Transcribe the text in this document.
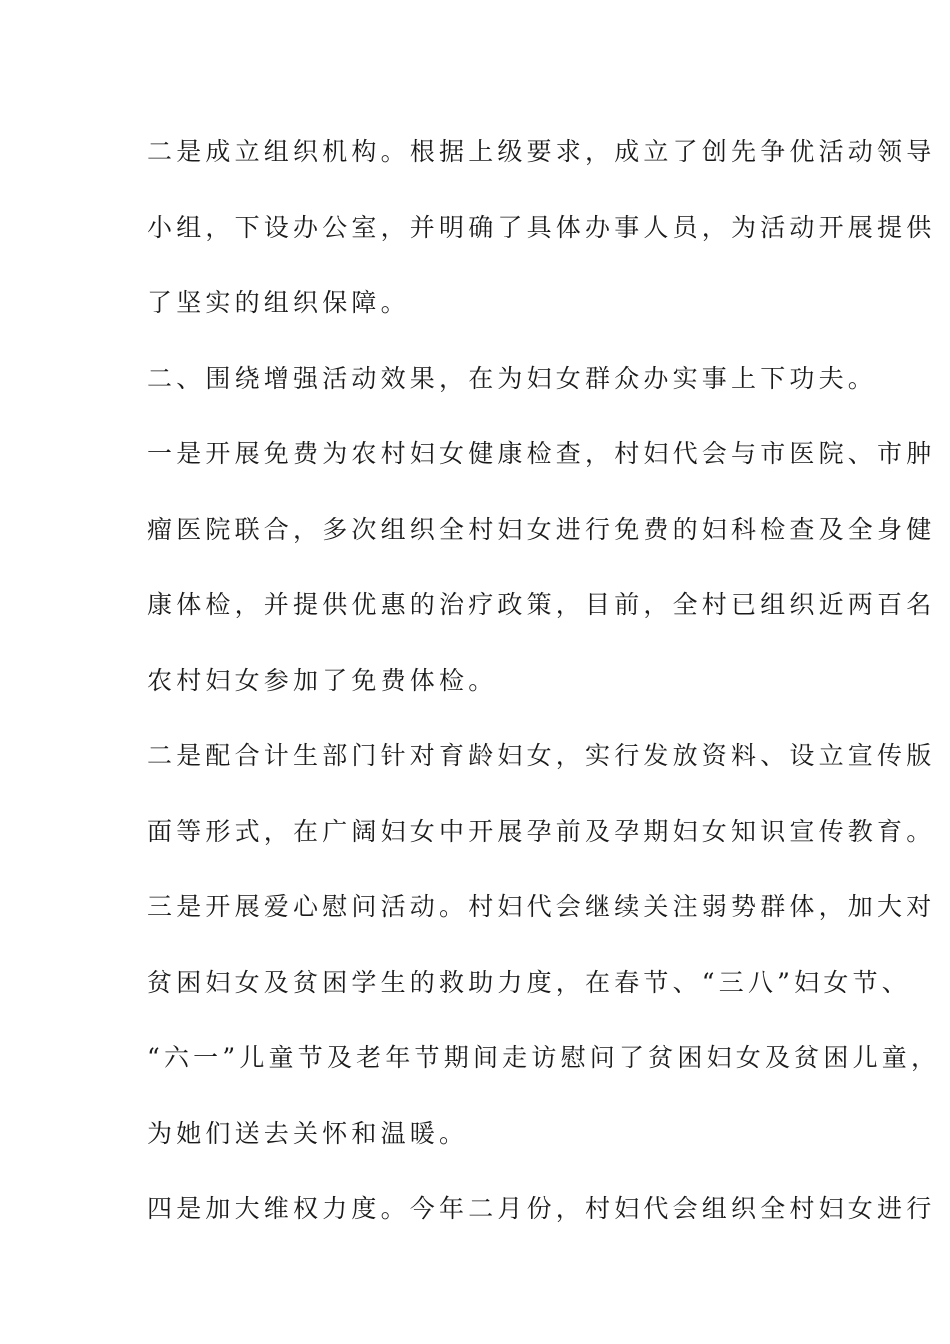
二是成立组织机构。根据上级要求，成立了创先争优活动领导
小组，下设办公室，并明确了具体办事人员，为活动开展提供
了坚实的组织保障。
二、围绕增强活动效果，在为妇女群众办实事上下功夫。
一是开展免费为农村妇女健康检查，村妇代会与市医院、市肿
瘤医院联合，多次组织全村妇女进行免费的妇科检查及全身健
康体检，并提供优惠的治疗政策，目前，全村已组织近两百名
农村妇女参加了免费体检。
二是配合计生部门针对育龄妇女，实行发放资料、设立宣传版
面等形式，在广阔妇女中开展孕前及孕期妇女知识宣传教育。
三是开展爱心慰问活动。村妇代会继续关注弱势群体，加大对
贫困妇女及贫困学生的救助力度，在春节、“三八”妇女节、
“六一”儿童节及老年节期间走访慰问了贫困妇女及贫困儿童，
为她们送去关怀和温暖。
四是加大维权力度。今年二月份，村妇代会组织全村妇女进行
